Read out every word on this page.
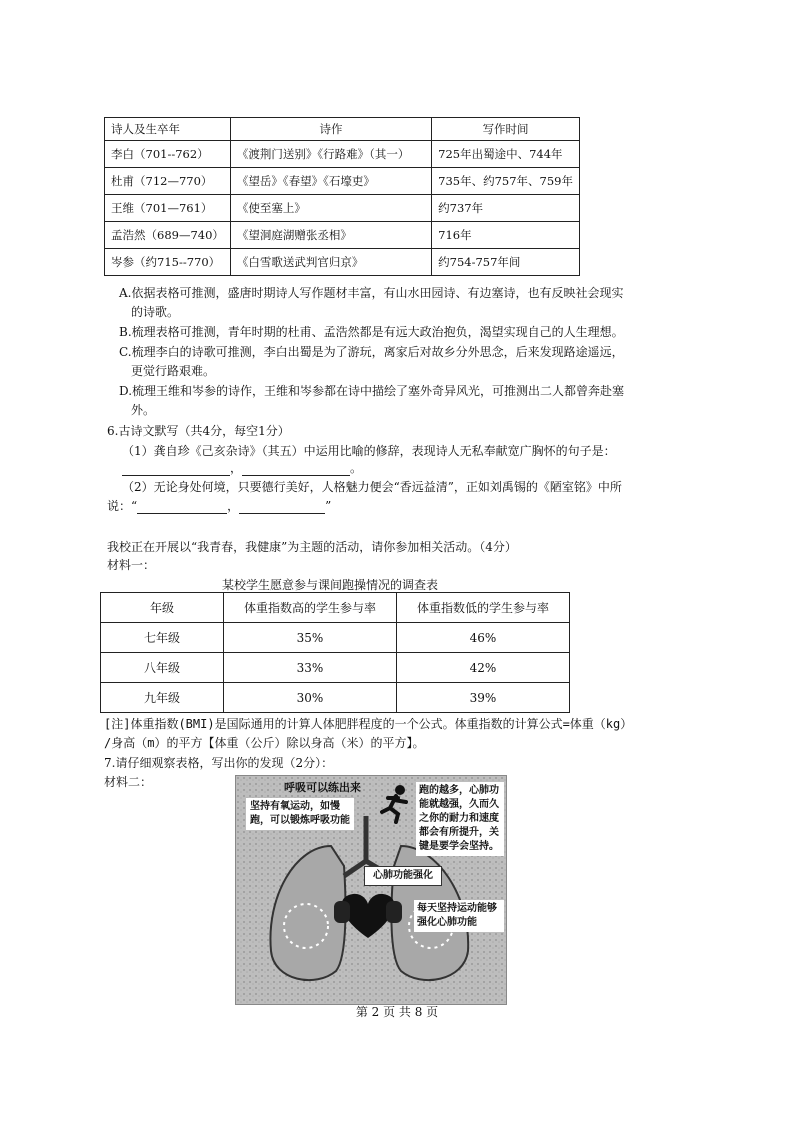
诗人及生卒年	诗作	写作时间
李白（701--762）	《渡荆门送别》《行路难》（其一）	725年出蜀途中、744年
杜甫（712—770）	《望岳》《春望》《石壕吏》	735年、约757年、759年
王维（701—761）	《使至塞上》	约737年
孟浩然（689—740）	《望洞庭湖赠张丞相》	716年
岑参（约715--770）	《白雪歌送武判官归京》	约754-757年间
A.依据表格可推测，盛唐时期诗人写作题材丰富，有山水田园诗、有边塞诗，也有反映社会现实
的诗歌。
B.梳理表格可推测，青年时期的杜甫、孟浩然都是有远大政治抱负，渴望实现自己的人生理想。
C.梳理李白的诗歌可推测，李白出蜀是为了游玩，离家后对故乡分外思念，后来发现路途遥远，
更觉行路艰难。
D.梳理王维和岑参的诗作，王维和岑参都在诗中描绘了塞外奇异风光，可推测出二人都曾奔赴塞
外。
6.古诗文默写（共4分，每空1分）
（1）龚自珍《己亥杂诗》（其五）中运用比喻的修辞，表现诗人无私奉献宽广胸怀的句子是：
，	。
（2）无论身处何境，只要德行美好，人格魅力便会“香远益清”，正如刘禹锡的《陋室铭》中所
说：“	，	”
我校正在开展以“我青春，我健康”为主题的活动，请你参加相关活动。（4分）
材料一：
某校学生愿意参与课间跑操情况的调查表
年级	体重指数高的学生参与率	体重指数低的学生参与率
七年级	35%	46%
八年级	33%	42%
九年级	30%	39%
[注]体重指数(BMI)是国际通用的计算人体肥胖程度的一个公式。体重指数的计算公式=体重（kg）
/身高（m）的平方【体重（公斤）除以身高（米）的平方】。
7.请仔细观察表格，写出你的发现（2分）：
材料二：	呼吸可以练出来
坚持有氧运动，如慢跑，可以锻炼呼吸功能
跑的越多，心肺功能就越强，久而久之你的耐力和速度都会有所提升，关键是要学会坚持。
心肺功能强化
每天坚持运动能够强化心肺功能
第 2 页 共 8 页
